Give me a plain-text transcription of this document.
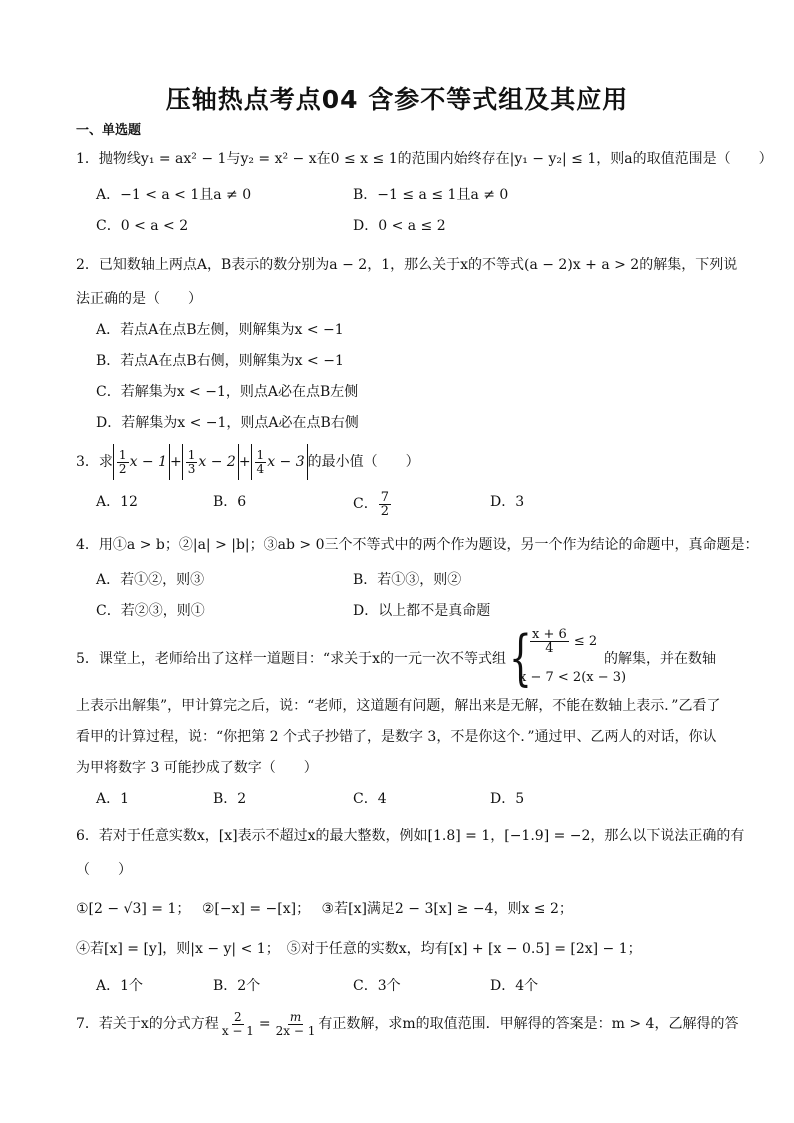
压轴热点考点04 含参不等式组及其应用
一、单选题
1．抛物线y₁ = ax² − 1与y₂ = x² − x在0 ≤ x ≤ 1的范围内始终存在|y₁ − y₂| ≤ 1，则a的取值范围是（　　）
A．−1 < a < 1且a ≠ 0	B．−1 ≤ a ≤ 1且a ≠ 0
C．0 < a < 2	D．0 < a ≤ 2
2．已知数轴上两点A，B表示的数分别为a − 2，1，那么关于x的不等式(a − 2)x + a > 2的解集，下列说
法正确的是（　　）
A．若点A在点B左侧，则解集为x < −1
B．若点A在点B右侧，则解集为x < −1
C．若解集为x < −1，则点A必在点B左侧
D．若解集为x < −1，则点A必在点B右侧
3．求 $\frac{1}{2}$ $x - 1 + \frac{1}{3}$ $x - 2 + \frac{1}{4}$ x − 3 的最小值（　　）
A．12	B．6	C． $\frac{7}{2}$	D．3
4．用①a > b；②|a| > |b|；③ab > 0三个不等式中的两个作为题设，另一个作为结论的命题中，真命题是：
A．若①②，则③	B．若①③，则②
C．若②③，则①	D．以上都不是真命题
5．课堂上，老师给出了这样一道题目：“求关于x的一元一次不等式组 {
$\frac{x + 6}{4} \le 2$
x − 7 < 2(x − 3)
的解集，并在数轴
上表示出解集”，甲计算完之后，说：“老师，这道题有问题，解出来是无解，不能在数轴上表示．”乙看了
看甲的计算过程，说：“你把第 2 个式子抄错了，是数字 3，不是你这个．”通过甲、乙两人的对话，你认
为甲将数字 3 可能抄成了数字（　　）
A．1	B．2	C．4	D．5
6．若对于任意实数x，[x]表示不超过x的最大整数，例如[1.8] = 1，[−1.9] = −2，那么以下说法正确的有
（　　）
①[2 − √3] = 1；　 ②[−x] = −[x]；　 ③若[x]满足2 − 3[x] ≥ −4，则x ≤ 2；
④若[x] = [y]，则|x − y| < 1；　⑤对于任意的实数x，均有[x] + [x − 0.5] = [2x] − 1；
A．1个	B．2个	C．3个	D．4个
7．若关于x的分式方程 $\frac{2}{x - 1} = \frac{m}{2x - 1}$ 有正数解，求m的取值范围．甲解得的答案是：m > 4，乙解得的答
